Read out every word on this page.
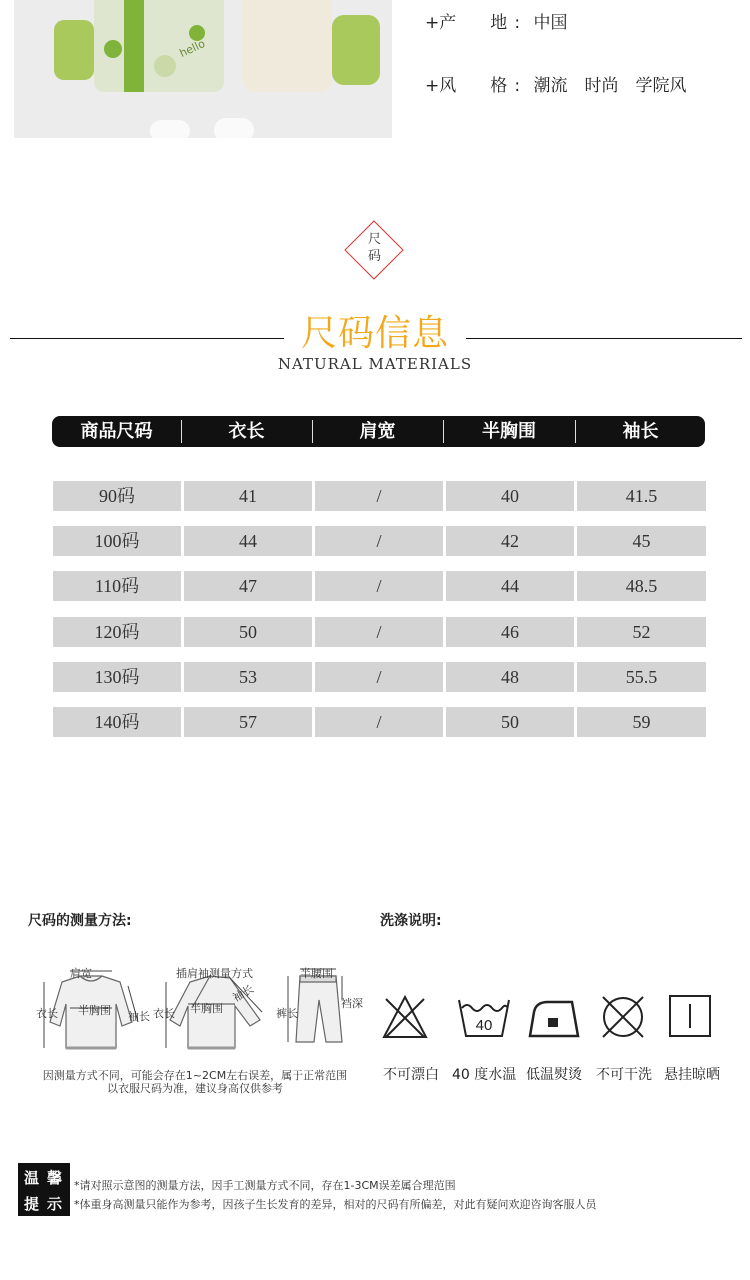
hello
+产　　地 : 中国
+风　　格 : 潮流　时尚　学院风
尺
码
尺码信息
NATURAL MATERIALS
商品尺码	衣长	肩宽	半胸围	袖长
90码	41	/	40	41.5
100码	44	/	42	45
110码	47	/	44	48.5
120码	50	/	46	52
130码	53	/	48	55.5
140码	57	/	50	59
尺码的测量方法:
肩宽
半胸围
衣长	袖长
插肩袖测量方式
袖长
半胸围
衣长
半腰围
裆深
裤长
因测量方式不同，可能会存在1~2CM左右误差，属于正常范围
以衣服尺码为准，建议身高仅供参考
洗涤说明:
40
不可漂白 40 度水温 低温熨烫 不可干洗 悬挂晾晒
温 馨
提 示
*请对照示意图的测量方法，因手工测量方式不同，存在1-3CM误差属合理范围
*体重身高测量只能作为参考，因孩子生长发育的差异，相对的尺码有所偏差，对此有疑问欢迎咨询客服人员
